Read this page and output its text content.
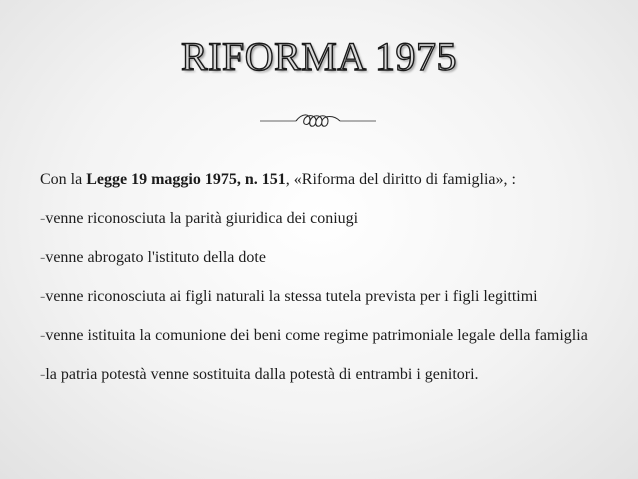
RIFORMA 1975

Con la Legge 19 maggio 1975, n. 151, «Riforma del diritto di famiglia», :

-venne riconosciuta la parità giuridica dei coniugi

-venne abrogato l'istituto della dote

-venne riconosciuta ai figli naturali la stessa tutela prevista per i figli legittimi

-venne istituita la comunione dei beni come regime patrimoniale legale della famiglia

-la patria potestà venne sostituita dalla potestà di entrambi i genitori.
